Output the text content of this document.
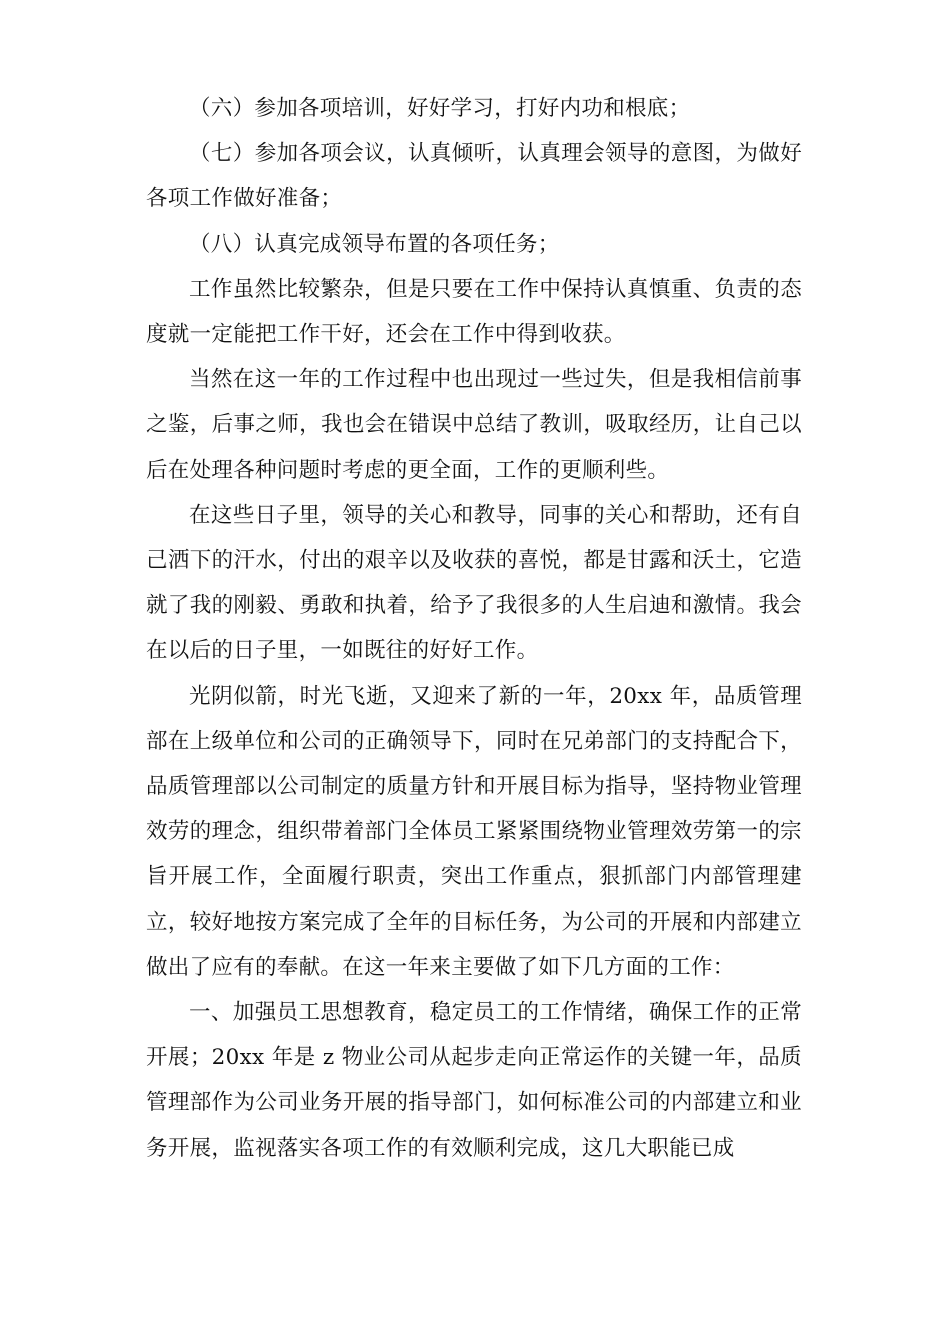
（六）参加各项培训，好好学习，打好内功和根底；

（七）参加各项会议，认真倾听，认真理会领导的意图，为做好各项工作做好准备；

（八）认真完成领导布置的各项任务；

工作虽然比较繁杂，但是只要在工作中保持认真慎重、负责的态度就一定能把工作干好，还会在工作中得到收获。

当然在这一年的工作过程中也出现过一些过失，但是我相信前事之鉴，后事之师，我也会在错误中总结了教训，吸取经历，让自己以后在处理各种问题时考虑的更全面，工作的更顺利些。

在这些日子里，领导的关心和教导，同事的关心和帮助，还有自己洒下的汗水，付出的艰辛以及收获的喜悦，都是甘露和沃土，它造就了我的刚毅、勇敢和执着，给予了我很多的人生启迪和激情。我会在以后的日子里，一如既往的好好工作。

光阴似箭，时光飞逝，又迎来了新的一年，20xx 年，品质管理部在上级单位和公司的正确领导下，同时在兄弟部门的支持配合下，品质管理部以公司制定的质量方针和开展目标为指导，坚持物业管理效劳的理念，组织带着部门全体员工紧紧围绕物业管理效劳第一的宗旨开展工作，全面履行职责，突出工作重点，狠抓部门内部管理建立，较好地按方案完成了全年的目标任务，为公司的开展和内部建立做出了应有的奉献。在这一年来主要做了如下几方面的工作：

一、加强员工思想教育，稳定员工的工作情绪，确保工作的正常开展；20xx 年是 z 物业公司从起步走向正常运作的关键一年，品质管理部作为公司业务开展的指导部门，如何标准公司的内部建立和业务开展，监视落实各项工作的有效顺利完成，这几大职能已成
